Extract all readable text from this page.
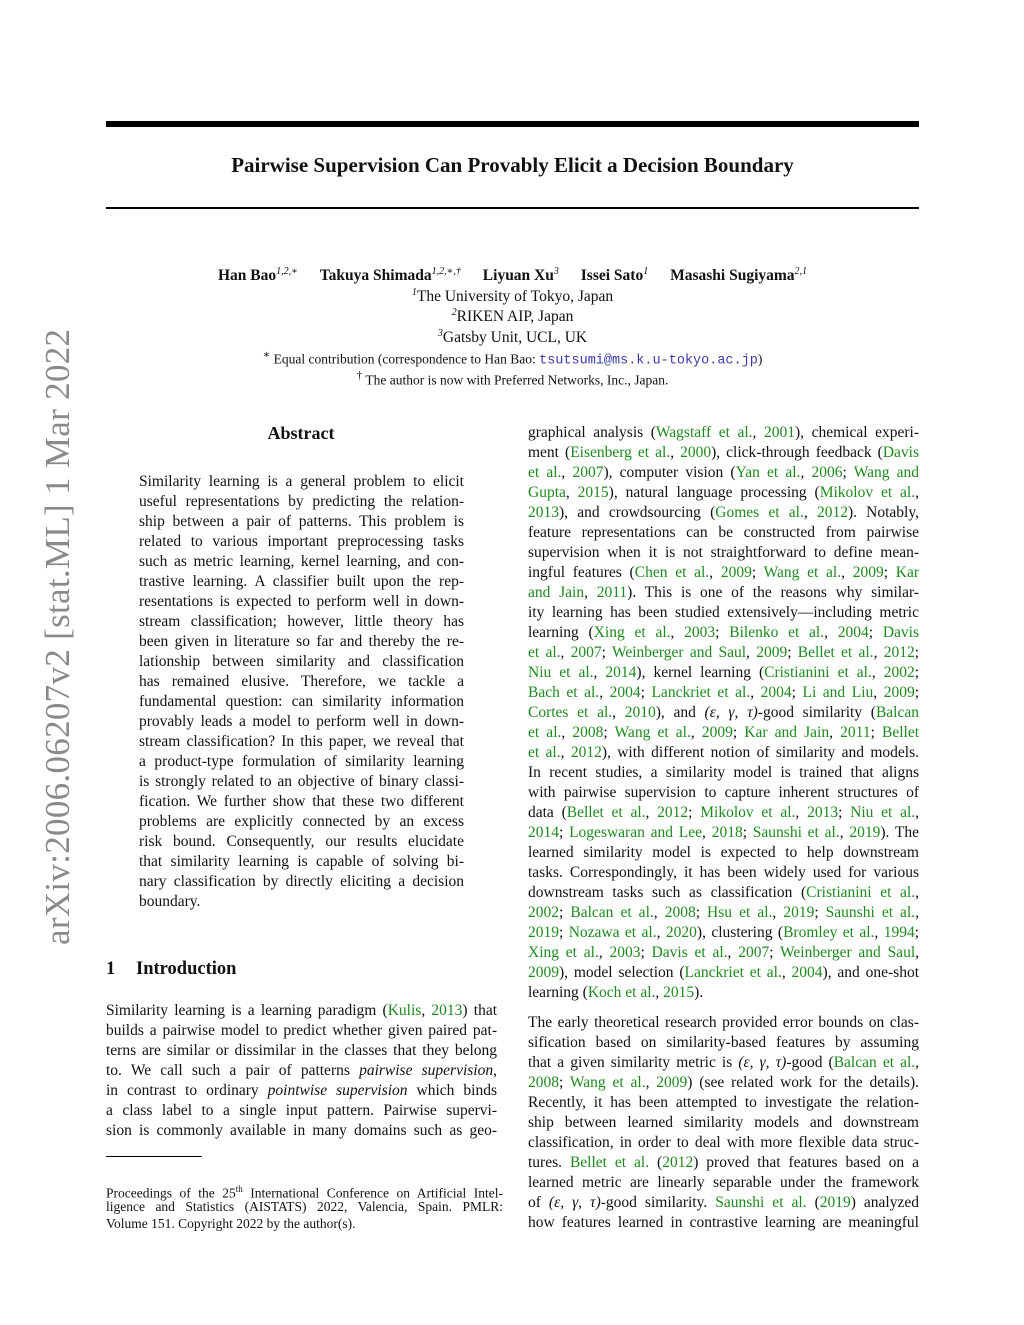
arXiv:2006.06207v2 [stat.ML] 1 Mar 2022
Pairwise Supervision Can Provably Elicit a Decision Boundary
Han Bao$^{1,2,∗}$ Takuya Shimada$^{1,2,∗,\dagger}$ Liyuan Xu$^3$ Issei Sato$^1$ Masashi Sugiyama$^{2,1}$
$^1$The University of Tokyo, Japan
$^2$RIKEN AIP, Japan
$^3$Gatsby Unit, UCL, UK
∗ Equal contribution (correspondence to Han Bao: tsutsumi@ms.k.u-tokyo.ac.jp)
† The author is now with Preferred Networks, Inc., Japan.
Abstract
Similarity learning is a general problem to elicit
useful representations by predicting the relation-
ship between a pair of patterns. This problem is
related to various important preprocessing tasks
such as metric learning, kernel learning, and con-
trastive learning. A classifier built upon the rep-
resentations is expected to perform well in down-
stream classification; however, little theory has
been given in literature so far and thereby the re-
lationship between similarity and classification
has remained elusive. Therefore, we tackle a
fundamental question: can similarity information
provably leads a model to perform well in down-
stream classification? In this paper, we reveal that
a product-type formulation of similarity learning
is strongly related to an objective of binary classi-
fication. We further show that these two different
problems are explicitly connected by an excess
risk bound. Consequently, our results elucidate
that similarity learning is capable of solving bi-
nary classification by directly eliciting a decision
boundary.
1 Introduction
Similarity learning is a learning paradigm (Kulis, 2013) that
builds a pairwise model to predict whether given paired pat-
terns are similar or dissimilar in the classes that they belong
to. We call such a pair of patterns pairwise supervision,
in contrast to ordinary pointwise supervision which binds
a class label to a single input pattern. Pairwise supervi-
sion is commonly available in many domains such as geo-
Proceedings of the 25th International Conference on Artificial Intel-
ligence and Statistics (AISTATS) 2022, Valencia, Spain. PMLR:
Volume 151. Copyright 2022 by the author(s).
graphical analysis (Wagstaff et al., 2001), chemical experi-
ment (Eisenberg et al., 2000), click-through feedback (Davis
et al., 2007), computer vision (Yan et al., 2006; Wang and
Gupta, 2015), natural language processing (Mikolov et al.,
2013), and crowdsourcing (Gomes et al., 2012). Notably,
feature representations can be constructed from pairwise
supervision when it is not straightforward to define mean-
ingful features (Chen et al., 2009; Wang et al., 2009; Kar
and Jain, 2011). This is one of the reasons why similar-
ity learning has been studied extensively—including metric
learning (Xing et al., 2003; Bilenko et al., 2004; Davis
et al., 2007; Weinberger and Saul, 2009; Bellet et al., 2012;
Niu et al., 2014), kernel learning (Cristianini et al., 2002;
Bach et al., 2004; Lanckriet et al., 2004; Li and Liu, 2009;
Cortes et al., 2010), and (ε, γ, τ)-good similarity (Balcan
et al., 2008; Wang et al., 2009; Kar and Jain, 2011; Bellet
et al., 2012), with different notion of similarity and models.
In recent studies, a similarity model is trained that aligns
with pairwise supervision to capture inherent structures of
data (Bellet et al., 2012; Mikolov et al., 2013; Niu et al.,
2014; Logeswaran and Lee, 2018; Saunshi et al., 2019). The
learned similarity model is expected to help downstream
tasks. Correspondingly, it has been widely used for various
downstream tasks such as classification (Cristianini et al.,
2002; Balcan et al., 2008; Hsu et al., 2019; Saunshi et al.,
2019; Nozawa et al., 2020), clustering (Bromley et al., 1994;
Xing et al., 2003; Davis et al., 2007; Weinberger and Saul,
2009), model selection (Lanckriet et al., 2004), and one-shot
learning (Koch et al., 2015).
The early theoretical research provided error bounds on clas-
sification based on similarity-based features by assuming
that a given similarity metric is (ε, γ, τ)-good (Balcan et al.,
2008; Wang et al., 2009) (see related work for the details).
Recently, it has been attempted to investigate the relation-
ship between learned similarity models and downstream
classification, in order to deal with more flexible data struc-
tures. Bellet et al. (2012) proved that features based on a
learned metric are linearly separable under the framework
of (ε, γ, τ)-good similarity. Saunshi et al. (2019) analyzed
how features learned in contrastive learning are meaningful
